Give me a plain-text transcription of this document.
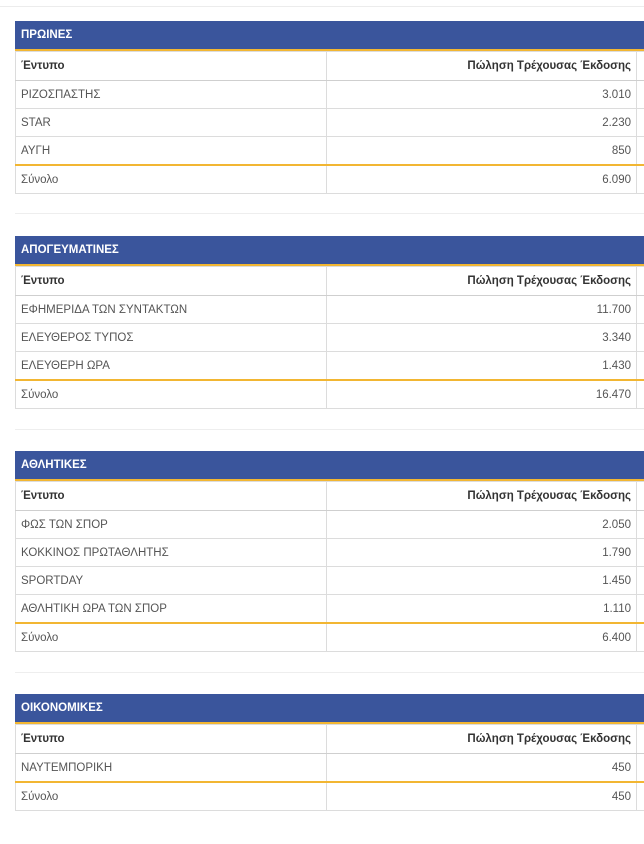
ΠΡΩΙΝΕΣ
Έντυπο	Πώληση Τρέχουσας Έκδοσης	
ΡΙΖΟΣΠΑΣΤΗΣ	3.010	
STAR	2.230	
ΑΥΓΗ	850	
Σύνολο	6.090	
ΑΠΟΓΕΥΜΑΤΙΝΕΣ
Έντυπο	Πώληση Τρέχουσας Έκδοσης	
ΕΦΗΜΕΡΙΔΑ ΤΩΝ ΣΥΝΤΑΚΤΩΝ	11.700	
ΕΛΕΥΘΕΡΟΣ ΤΥΠΟΣ	3.340	
ΕΛΕΥΘΕΡΗ ΩΡΑ	1.430	
Σύνολο	16.470	
ΑΘΛΗΤΙΚΕΣ
Έντυπο	Πώληση Τρέχουσας Έκδοσης	
ΦΩΣ ΤΩΝ ΣΠΟΡ	2.050	
ΚΟΚΚΙΝΟΣ ΠΡΩΤΑΘΛΗΤΗΣ	1.790	
SPORTDAY	1.450	
ΑΘΛΗΤΙΚΗ ΩΡΑ ΤΩΝ ΣΠΟΡ	1.110	
Σύνολο	6.400	
ΟΙΚΟΝΟΜΙΚΕΣ
Έντυπο	Πώληση Τρέχουσας Έκδοσης	
ΝΑΥΤΕΜΠΟΡΙΚΗ	450	
Σύνολο	450	
